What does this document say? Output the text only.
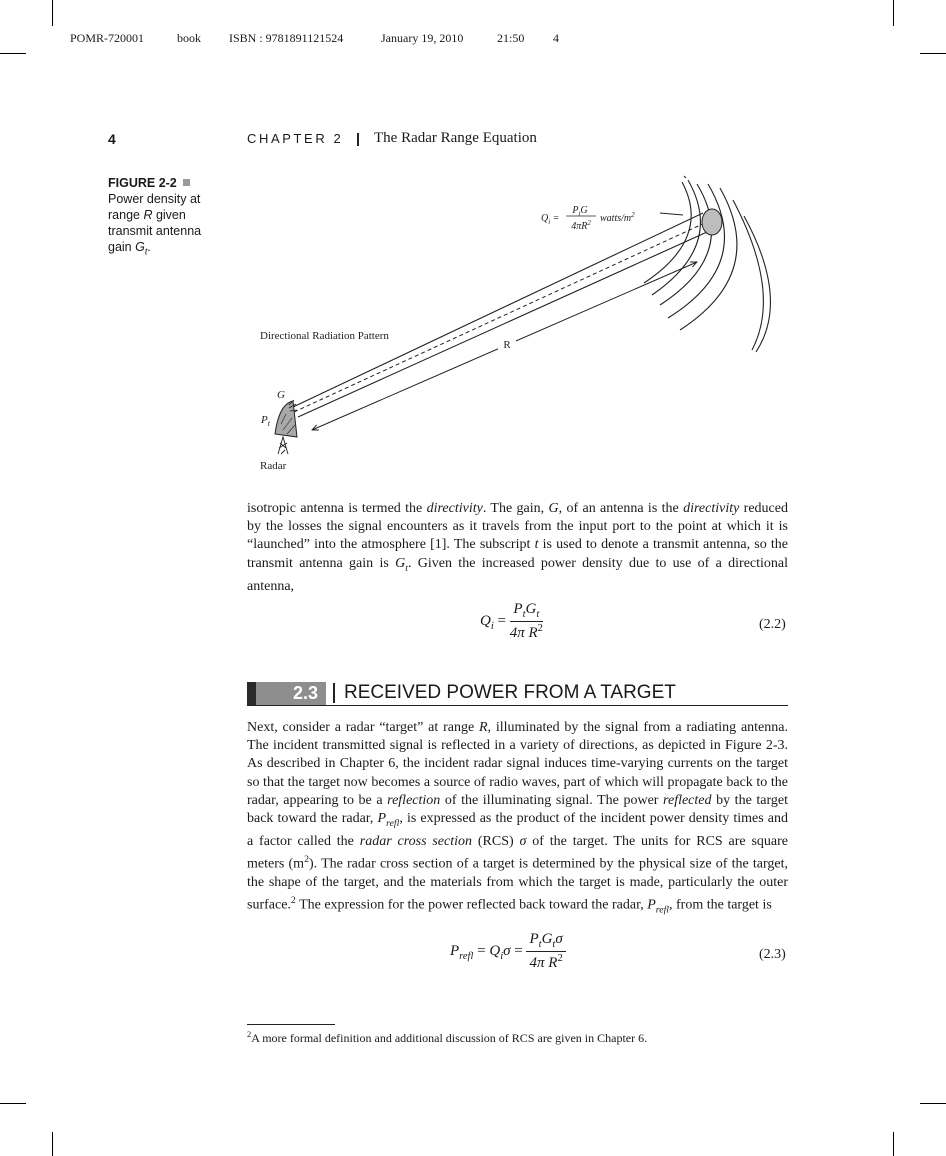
POMR-720001	book ISBN : 9781891121524	January 19, 2010	21:50 4
4	CHAPTER 2 The Radar Range Equation
FIGURE 2-2
Power density at
range R given
transmit antenna
gain $G_t$.
R
$Q_i$ =
$P_tG$
$4\pi R^2$ watts/$m^2$
Directional Radiation Pattern
G
$P_t$
Radar

isotropic antenna is termed the directivity. The gain, G, of an antenna is the directivity reduced by the losses the signal encounters as it travels from the input port to the point at which it is “launched” into the atmosphere [1]. The subscript t is used to denote a transmit antenna, so the transmit antenna gain is $G_t$. Given the increased power density due to use of a directional antenna,

$Q_i = \frac{P_tG_t}{4\pi R^2}$	(2.2)
2.3 RECEIVED POWER FROM A TARGET

Next, consider a radar “target” at range R, illuminated by the signal from a radiating antenna. The incident transmitted signal is reflected in a variety of directions, as depicted in Figure 2-3. As described in Chapter 6, the incident radar signal induces time-varying currents on the target so that the target now becomes a source of radio waves, part of which will propagate back to the radar, appearing to be a reflection of the illuminating signal. The power reflected by the target back toward the radar, $P_{refl}$, is expressed as the product of the incident power density times and a factor called the radar cross section (RCS) σ of the target. The units for RCS are square meters $(m^2)$. The radar cross section of a target is determined by the physical size of the target, the shape of the target, and the materials from which the target is made, particularly the outer surface.$^2$ The expression for the power reflected back toward the radar, $P_{refl}$, from the target is

$P_{refl} = Q_i\sigma = \frac{P_tG_t\sigma}{4\pi R^2}$	(2.3)
$^2$A more formal definition and additional discussion of RCS are given in Chapter 6.
